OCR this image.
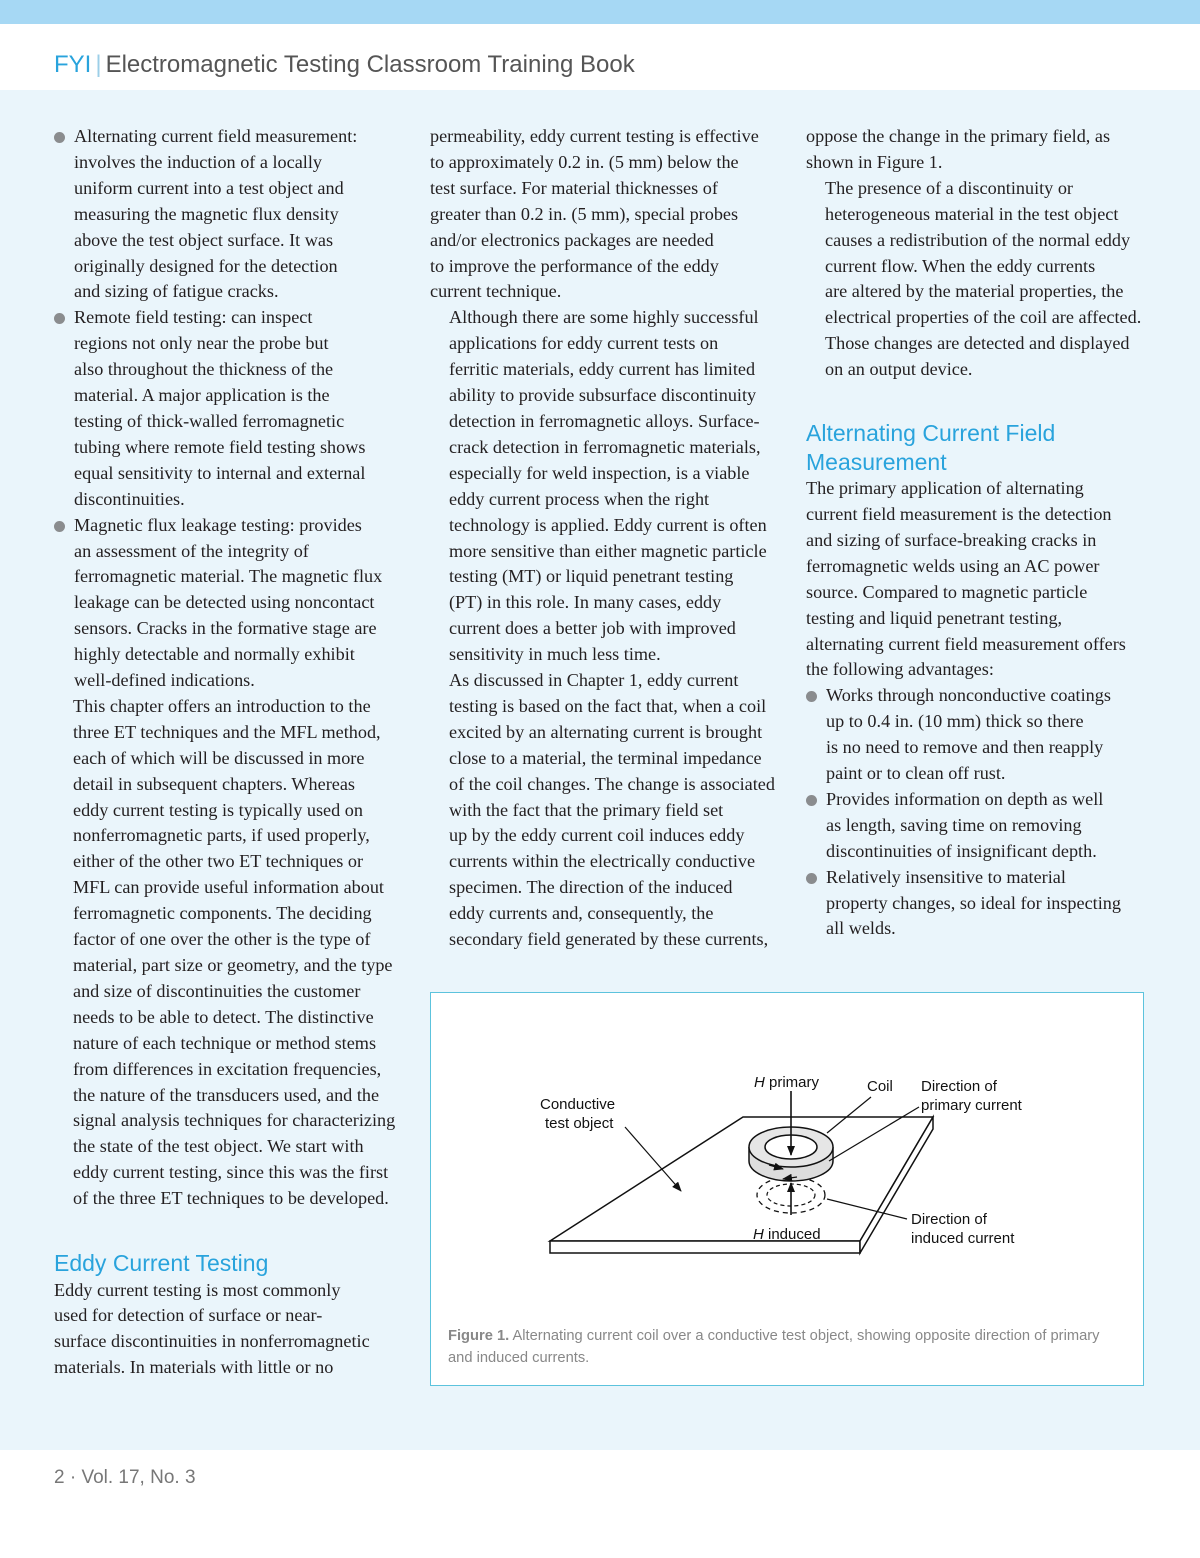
FYI | Electromagnetic Testing Classroom Training Book
Alternating current field measurement:
involves the induction of a locally
uniform current into a test object and
measuring the magnetic flux density
above the test object surface. It was
originally designed for the detection
and sizing of fatigue cracks.
Remote field testing: can inspect
regions not only near the probe but
also throughout the thickness of the
material. A major application is the
testing of thick-walled ferromagnetic
tubing where remote field testing shows
equal sensitivity to internal and external
discontinuities.
Magnetic flux leakage testing: provides
an assessment of the integrity of
ferromagnetic material. The magnetic flux
leakage can be detected using noncontact
sensors. Cracks in the formative stage are
highly detectable and normally exhibit
well-defined indications.
This chapter offers an introduction to the
three ET techniques and the MFL method,
each of which will be discussed in more
detail in subsequent chapters. Whereas
eddy current testing is typically used on
nonferromagnetic parts, if used properly,
either of the other two ET techniques or
MFL can provide useful information about
ferromagnetic components. The deciding
factor of one over the other is the type of
material, part size or geometry, and the type
and size of discontinuities the customer
needs to be able to detect. The distinctive
nature of each technique or method stems
from differences in excitation frequencies,
the nature of the transducers used, and the
signal analysis techniques for characterizing
the state of the test object. We start with
eddy current testing, since this was the first
of the three ET techniques to be developed.
Eddy Current Testing
Eddy current testing is most commonly
used for detection of surface or near-
surface discontinuities in nonferromagnetic
materials. In materials with little or no
permeability, eddy current testing is effective
to approximately 0.2 in. (5 mm) below the
test surface. For material thicknesses of
greater than 0.2 in. (5 mm), special probes
and/or electronics packages are needed
to improve the performance of the eddy
current technique.
Although there are some highly successful
applications for eddy current tests on
ferritic materials, eddy current has limited
ability to provide subsurface discontinuity
detection in ferromagnetic alloys. Surface-
crack detection in ferromagnetic materials,
especially for weld inspection, is a viable
eddy current process when the right
technology is applied. Eddy current is often
more sensitive than either magnetic particle
testing (MT) or liquid penetrant testing
(PT) in this role. In many cases, eddy
current does a better job with improved
sensitivity in much less time.
As discussed in Chapter 1, eddy current
testing is based on the fact that, when a coil
excited by an alternating current is brought
close to a material, the terminal impedance
of the coil changes. The change is associated
with the fact that the primary field set
up by the eddy current coil induces eddy
currents within the electrically conductive
specimen. The direction of the induced
eddy currents and, consequently, the
secondary field generated by these currents,
oppose the change in the primary field, as
shown in Figure 1.
The presence of a discontinuity or
heterogeneous material in the test object
causes a redistribution of the normal eddy
current flow. When the eddy currents
are altered by the material properties, the
electrical properties of the coil are affected.
Those changes are detected and displayed
on an output device.
Alternating Current Field
Measurement
The primary application of alternating
current field measurement is the detection
and sizing of surface-breaking cracks in
ferromagnetic welds using an AC power
source. Compared to magnetic particle
testing and liquid penetrant testing,
alternating current field measurement offers
the following advantages:
Works through nonconductive coatings
up to 0.4 in. (10 mm) thick so there
is no need to remove and then reapply
paint or to clean off rust.
Provides information on depth as well
as length, saving time on removing
discontinuities of insignificant depth.
Relatively insensitive to material
property changes, so ideal for inspecting
all welds.
Conductive
test object
H primary	Coil Direction of
primary current
H induced
Direction of
induced current
Figure 1. Alternating current coil over a conductive test object, showing opposite direction of primary and induced currents.
2 · Vol. 17, No. 3
